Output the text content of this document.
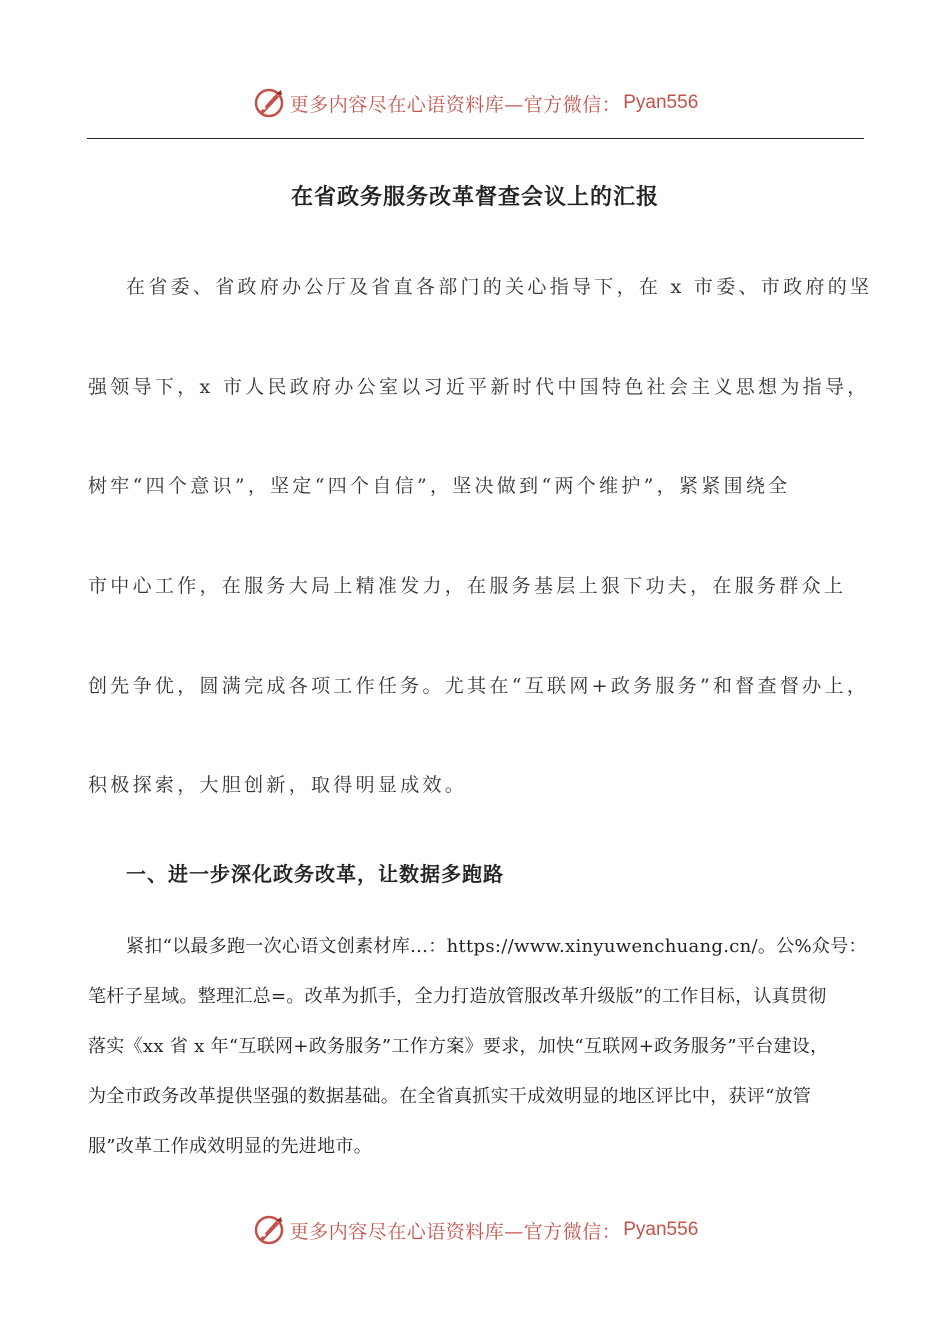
更多内容尽在心语资料库—官方微信： Pyan556
在省政务服务改革督查会议上的汇报
在省委、省政府办公厅及省直各部门的关心指导下，在 x 市委、市政府的坚
强领导下，x 市人民政府办公室以习近平新时代中国特色社会主义思想为指导，
树牢“四个意识”，坚定“四个自信”，坚决做到“两个维护”，紧紧围绕全
市中心工作，在服务大局上精准发力，在服务基层上狠下功夫，在服务群众上
创先争优，圆满完成各项工作任务。尤其在“互联网+政务服务”和督查督办上，
积极探索，大胆创新，取得明显成效。
一、进一步深化政务改革，让数据多跑路
紧扣“以最多跑一次心语文创素材库…：https://www.xinyuwenchuang.cn/。公%众号：
笔杆子星域。整理汇总=。改革为抓手，全力打造放管服改革升级版”的工作目标，认真贯彻
落实《xx 省 x 年“互联网+政务服务”工作方案》要求，加快“互联网+政务服务”平台建设，
为全市政务改革提供坚强的数据基础。在全省真抓实干成效明显的地区评比中，获评“放管
服”改革工作成效明显的先进地市。
更多内容尽在心语资料库—官方微信： Pyan556
